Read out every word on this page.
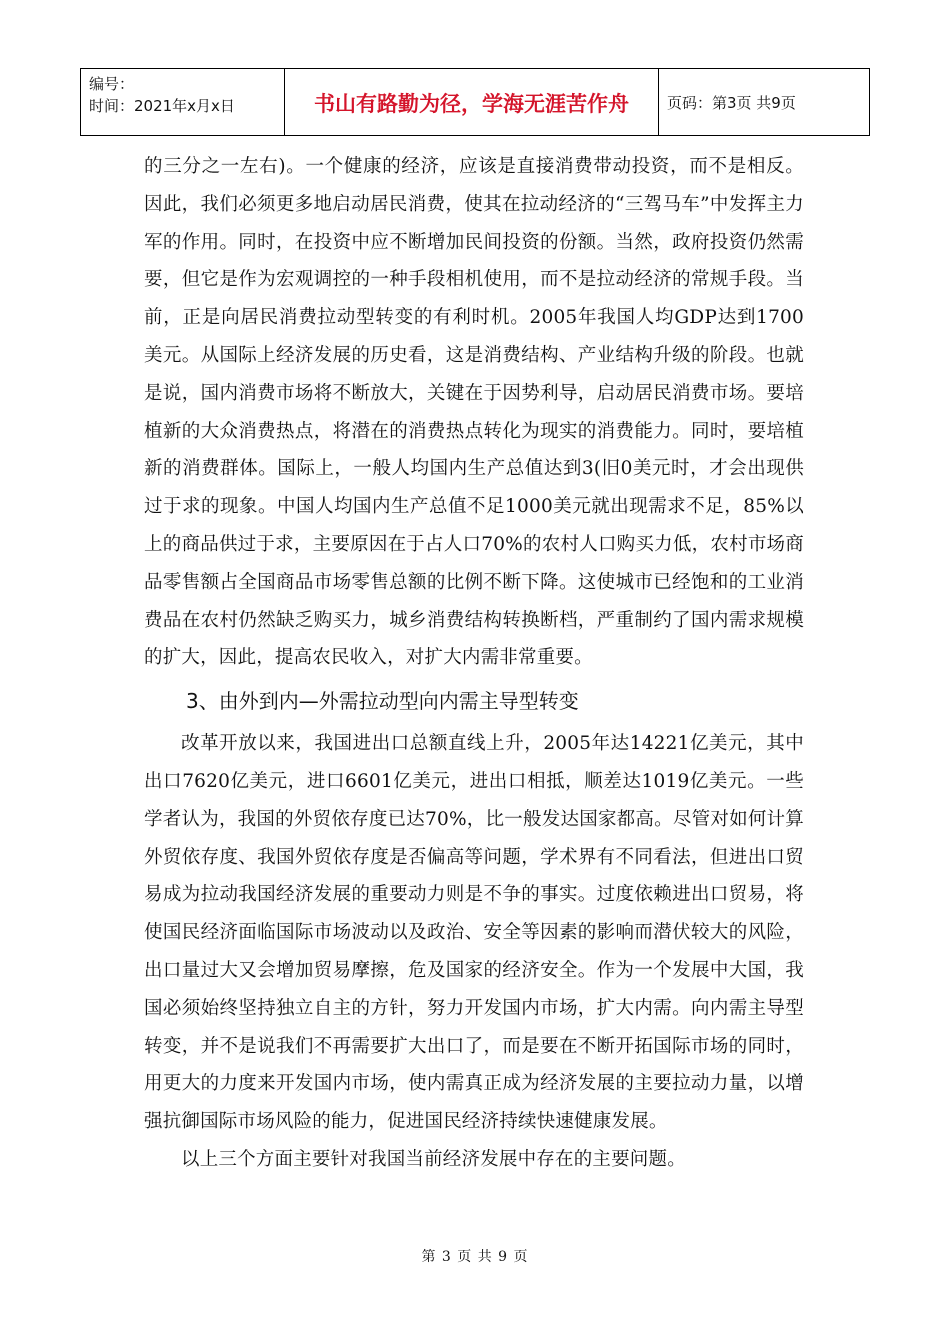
编号：
时间：2021年x月x日	书山有路勤为径，学海无涯苦作舟	页码：第3页 共9页

的三分之一左右)。一个健康的经济，应该是直接消费带动投资，而不是相反。因此，我们必须更多地启动居民消费，使其在拉动经济的“三驾马车”中发挥主力军的作用。同时，在投资中应不断增加民间投资的份额。当然，政府投资仍然需要，但它是作为宏观调控的一种手段相机使用，而不是拉动经济的常规手段。当前，正是向居民消费拉动型转变的有利时机。2005年我国人均GDP达到1700美元。从国际上经济发展的历史看，这是消费结构、产业结构升级的阶段。也就是说，国内消费市场将不断放大，关键在于因势利导，启动居民消费市场。要培植新的大众消费热点，将潜在的消费热点转化为现实的消费能力。同时，要培植新的消费群体。国际上，一般人均国内生产总值达到3(旧0美元时，才会出现供过于求的现象。中国人均国内生产总值不足1000美元就出现需求不足，85%以上的商品供过于求，主要原因在于占人口70%的农村人口购买力低，农村市场商品零售额占全国商品市场零售总额的比例不断下降。这使城市已经饱和的工业消费品在农村仍然缺乏购买力，城乡消费结构转换断档，严重制约了国内需求规模的扩大，因此，提高农民收入，对扩大内需非常重要。

3、由外到内—外需拉动型向内需主导型转变

改革开放以来，我国进出口总额直线上升，2005年达14221亿美元，其中出口7620亿美元，进口6601亿美元，进出口相抵，顺差达1019亿美元。一些学者认为，我国的外贸依存度已达70%，比一般发达国家都高。尽管对如何计算外贸依存度、我国外贸依存度是否偏高等问题，学术界有不同看法，但进出口贸易成为拉动我国经济发展的重要动力则是不争的事实。过度依赖进出口贸易，将使国民经济面临国际市场波动以及政治、安全等因素的影响而潜伏较大的风险，出口量过大又会增加贸易摩擦，危及国家的经济安全。作为一个发展中大国，我国必须始终坚持独立自主的方针，努力开发国内市场，扩大内需。向内需主导型转变，并不是说我们不再需要扩大出口了，而是要在不断开拓国际市场的同时，用更大的力度来开发国内市场，使内需真正成为经济发展的主要拉动力量，以增强抗御国际市场风险的能力，促进国民经济持续快速健康发展。

以上三个方面主要针对我国当前经济发展中存在的主要问题。

第 3 页 共 9 页
